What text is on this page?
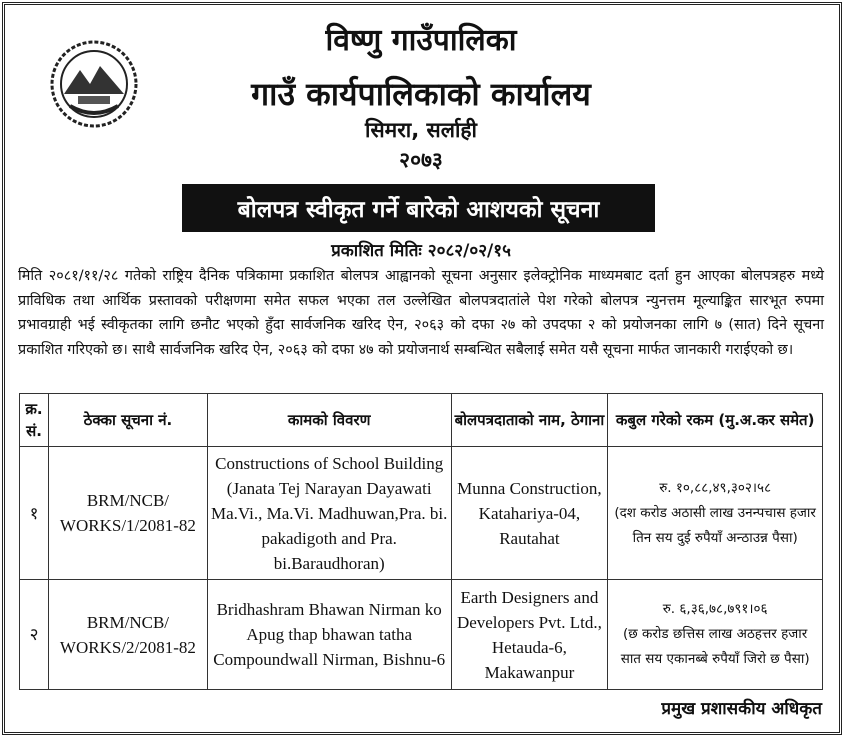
विष्णु गाउँपालिका
गाउँ कार्यपालिकाको कार्यालय
सिमरा, सर्लाही
२०७३
बोलपत्र स्वीकृत गर्ने बारेको आशयको सूचना
प्रकाशित मितिः २०८२/०२/१५
मिति २०८१/११/२८ गतेको राष्ट्रिय दैनिक पत्रिकामा प्रकाशित बोलपत्र आह्वानको सूचना अनुसार इलेक्ट्रोनिक माध्यमबाट दर्ता हुन आएका बोलपत्रहरु मध्ये प्राविधिक तथा आर्थिक प्रस्तावको परीक्षणमा समेत सफल भएका तल उल्लेखित बोलपत्रदातांले पेश गरेको बोलपत्र न्युनत्तम मूल्याङ्कित सारभूत रुपमा प्रभावग्राही भई स्वीकृतका लागि छनौट भएको हुँदा सार्वजनिक खरिद ऐन, २०६३ को दफा २७ को उपदफा २ को प्रयोजनका लागि ७ (सात) दिने सूचना प्रकाशित गरिएको छ। साथै सार्वजनिक खरिद ऐन, २०६३ को दफा ४७ को प्रयोजनार्थ सम्बन्धित सबैलाई समेत यसै सूचना मार्फत जानकारी गराईएको छ।
क्र. सं.	ठेक्का सूचना नं.	कामको विवरण	बोलपत्रदाताको नाम, ठेगाना	कबुल गरेको रकम (मु.अ.कर समेत)
१	BRM/NCB/ WORKS/1/2081-82	Constructions of School Building (Janata Tej Narayan Dayawati Ma.Vi., Ma.Vi. Madhuwan,Pra. bi. pakadigoth and Pra. bi.Baraudhoran)	Munna Construction, Katahariya-04, Rautahat	रु. १०,८८,४९,३०२।५८
(दश करोड अठासी लाख उनन्पचास हजार तिन सय दुई रुपैयाँ अन्ठाउन्न पैसा)

२	BRM/NCB/ WORKS/2/2081-82	Bridhashram Bhawan Nirman ko Apug thap bhawan tatha Compoundwall Nirman, Bishnu-6	Earth Designers and Developers Pvt. Ltd., Hetauda-6, Makawanpur	रु. ६,३६,७८,७९१।०६
(छ करोड छत्तिस लाख अठहत्तर हजार सात सय एकानब्बे रुपैयाँ जिरो छ पैसा)
प्रमुख प्रशासकीय अधिकृत
